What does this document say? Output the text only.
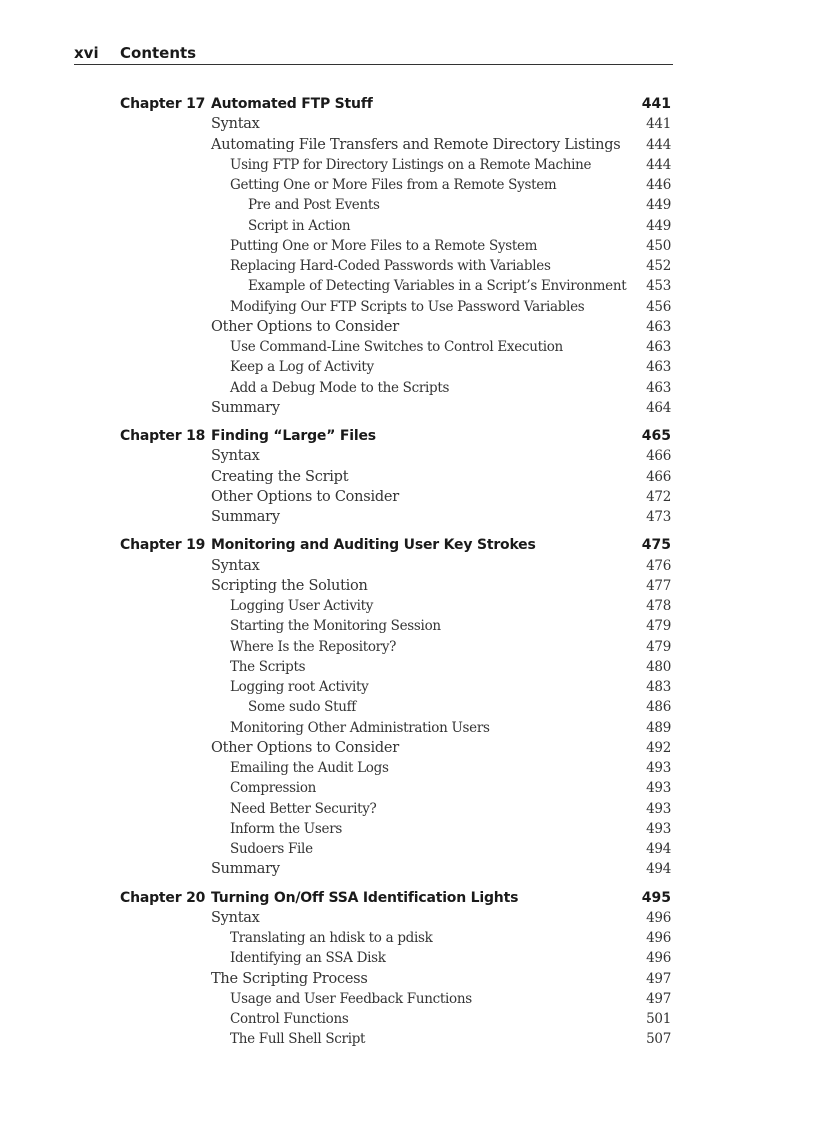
xvi Contents
Chapter 17 Automated FTP Stuff	441
Syntax	441
Automating File Transfers and Remote Directory Listings 444
Using FTP for Directory Listings on a Remote Machine	444
Getting One or More Files from a Remote System	446
Pre and Post Events	449
Script in Action	449
Putting One or More Files to a Remote System	450
Replacing Hard-Coded Passwords with Variables	452
Example of Detecting Variables in a Script’s Environment 453
Modifying Our FTP Scripts to Use Password Variables	456
Other Options to Consider	463
Use Command-Line Switches to Control Execution	463
Keep a Log of Activity	463
Add a Debug Mode to the Scripts	463
Summary	464
Chapter 18 Finding “Large” Files	465
Syntax	466
Creating the Script	466
Other Options to Consider	472
Summary	473
Chapter 19 Monitoring and Auditing User Key Strokes	475
Syntax	476
Scripting the Solution	477
Logging User Activity	478
Starting the Monitoring Session	479
Where Is the Repository?	479
The Scripts	480
Logging root Activity	483
Some sudo Stuff	486
Monitoring Other Administration Users	489
Other Options to Consider	492
Emailing the Audit Logs	493
Compression	493
Need Better Security?	493
Inform the Users	493
Sudoers File	494
Summary	494
Chapter 20 Turning On/Off SSA Identification Lights	495
Syntax	496
Translating an hdisk to a pdisk	496
Identifying an SSA Disk	496
The Scripting Process	497
Usage and User Feedback Functions	497
Control Functions	501
The Full Shell Script	507
